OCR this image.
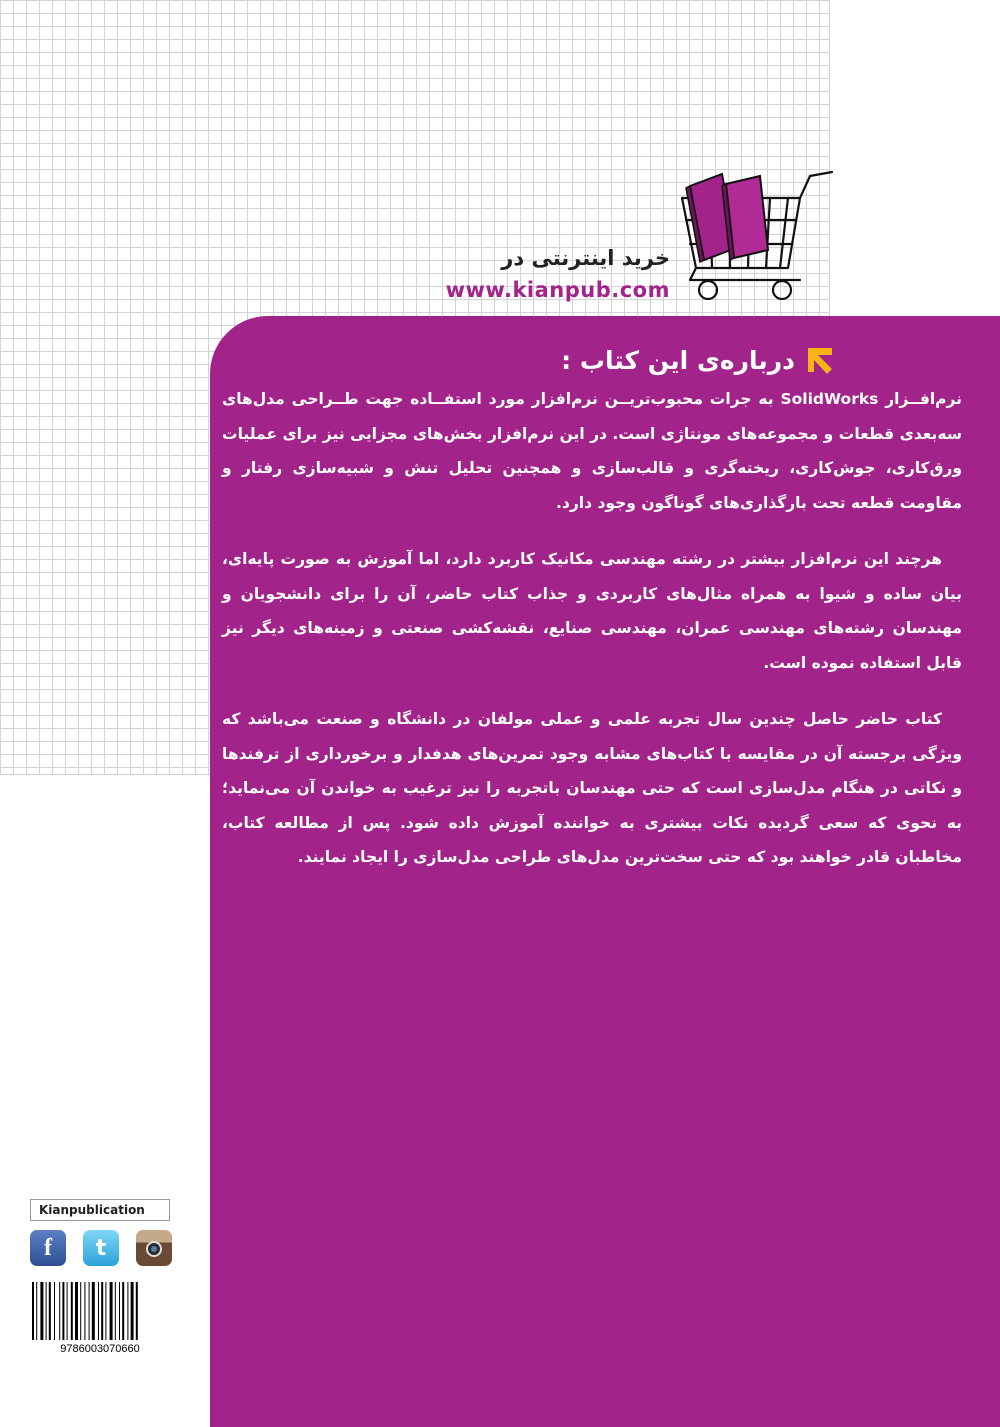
خرید اینترنتی در
www.kianpub.com
درباره‌ی این کتاب :

نرم‌افــزار SolidWorks به جرات محبوب‌تریــن نرم‌افزار مورد استفــاده جهت طــراحی مدل‌های سه‌بعدی قطعات و مجموعه‌های مونتاژی است. در این نرم‌افزار بخش‌های مجزایی نیز برای عملیات ورق‌کاری، جوش‌کاری، ریخته‌گری و قالب‌سازی و همچنین تحلیل تنش و شبیه‌سازی رفتار و مقاومت قطعه تحت بارگذاری‌های گوناگون وجود دارد.

هرچند این نرم‌افزار بیشتر در رشته مهندسی مکانیک کاربرد دارد، اما آموزش به صورت پایه‌ای، بیان ساده و شیوا به همراه مثال‌های کاربردی و جذاب کتاب حاضر، آن را برای دانشجویان و مهندسان رشته‌های مهندسی عمران، مهندسی صنایع، نقشه‌کشی صنعتی و زمینه‌های دیگر نیز قابل استفاده نموده است.

کتاب حاضر حاصل چندین سال تجربه علمی و عملی مولفان در دانشگاه و صنعت می‌باشد که ویژگی برجسته آن در مقایسه با کتاب‌های مشابه وجود تمرین‌های هدفدار و برخورداری از ترفندها و نکاتی در هنگام مدل‌سازی است که حتی مهندسان باتجربه را نیز ترغیب به خواندن آن می‌نماید؛ به نحوی که سعی گردیده نکات بیشتری به خواننده آموزش داده شود. پس از مطالعه کتاب، مخاطبان قادر خواهند بود که حتی سخت‌ترین مدل‌های طراحی مدل‌سازی را ایجاد نمایند.

Kianpublication
f	t
9786003070660
